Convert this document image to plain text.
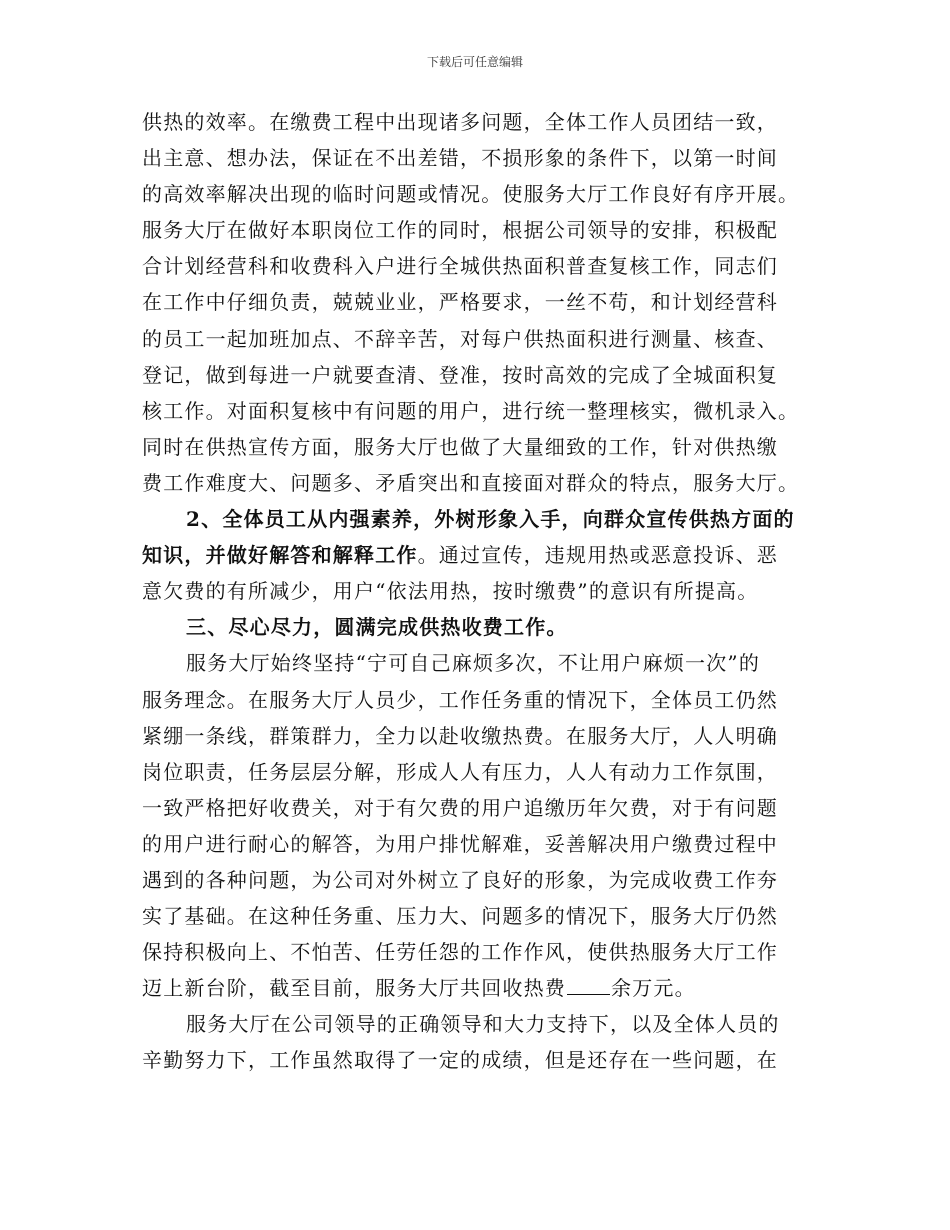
下载后可任意编辑
供热的效率。在缴费工程中出现诸多问题，全体工作人员团结一致，
出主意、想办法，保证在不出差错，不损形象的条件下，以第一时间
的高效率解决出现的临时问题或情况。使服务大厅工作良好有序开展。
服务大厅在做好本职岗位工作的同时，根据公司领导的安排，积极配
合计划经营科和收费科入户进行全城供热面积普查复核工作，同志们
在工作中仔细负责，兢兢业业，严格要求，一丝不苟，和计划经营科
的员工一起加班加点、不辞辛苦，对每户供热面积进行测量、核查、
登记，做到每进一户就要查清、登准，按时高效的完成了全城面积复
核工作。对面积复核中有问题的用户，进行统一整理核实，微机录入。
同时在供热宣传方面，服务大厅也做了大量细致的工作，针对供热缴
费工作难度大、问题多、矛盾突出和直接面对群众的特点，服务大厅。
2、全体员工从内强素养，外树形象入手，向群众宣传供热方面的
知识，并做好解答和解释工作。通过宣传，违规用热或恶意投诉、恶
意欠费的有所减少，用户“依法用热，按时缴费”的意识有所提高。
三、尽心尽力，圆满完成供热收费工作。
服务大厅始终坚持“宁可自己麻烦多次，不让用户麻烦一次”的
服务理念。在服务大厅人员少，工作任务重的情况下，全体员工仍然
紧绷一条线，群策群力，全力以赴收缴热费。在服务大厅，人人明确
岗位职责，任务层层分解，形成人人有压力，人人有动力工作氛围，
一致严格把好收费关，对于有欠费的用户追缴历年欠费，对于有问题
的用户进行耐心的解答，为用户排忧解难，妥善解决用户缴费过程中
遇到的各种问题，为公司对外树立了良好的形象，为完成收费工作夯
实了基础。在这种任务重、压力大、问题多的情况下，服务大厅仍然
保持积极向上、不怕苦、任劳任怨的工作作风，使供热服务大厅工作
迈上新台阶，截至目前，服务大厅共回收热费 余万元。
服务大厅在公司领导的正确领导和大力支持下，以及全体人员的
辛勤努力下，工作虽然取得了一定的成绩，但是还存在一些问题，在
